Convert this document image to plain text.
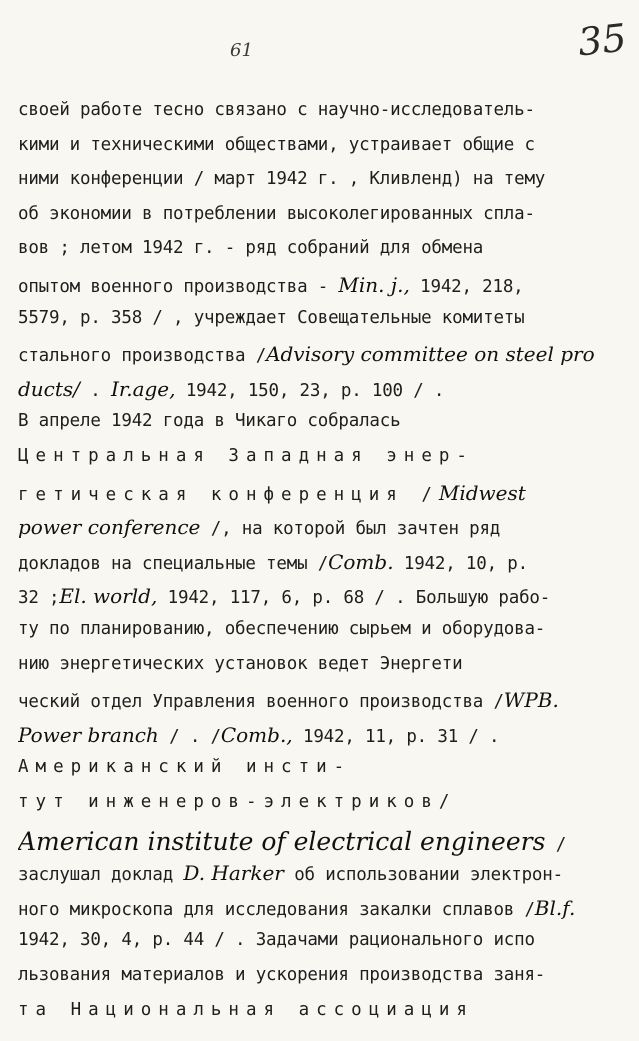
35
61
своей работе тесно связано с научно-исследователь-
кими и техническими обществами, устраивает общие с
ними конференции / март 1942 г. , Кливленд) на тему
об экономии в потреблении высоколегированных спла-
вов ; летом 1942 г. - ряд собраний для обмена
опытом военного производства - Min. j., 1942, 218,
5579, p. 358 / , учреждает Совещательные комитеты
стального производства /Advisory committee on steel pro
ducts/ . Ir.age, 1942, 150, 23, p. 100 / .
В апреле 1942 года в Чикаго собралась
Центральная Западная энер-
гетическая конференция /Midwest
power conference /, на которой был зачтен ряд
докладов на специальные темы /Comb. 1942, 10, p.
32 ;El. world, 1942, 117, 6, p. 68 / . Большую рабо-
ту по планированию, обеспечению сырьем и оборудова-
нию энергетических установок ведет Энергети
ческий отдел Управления военного производства /WPB.
Power branch / . /Comb., 1942, 11, p. 31 / .
Американский инсти-
тут инженеров-электриков/
American institute of electrical engineers /
заслушал доклад D. Harker об использовании электрон-
ного микроскопа для исследования закалки сплавов /Bl.f.
1942, 30, 4, p. 44 / . Задачами рационального испо
льзования материалов и ускорения производства заня-
та Национальная ассоциация
